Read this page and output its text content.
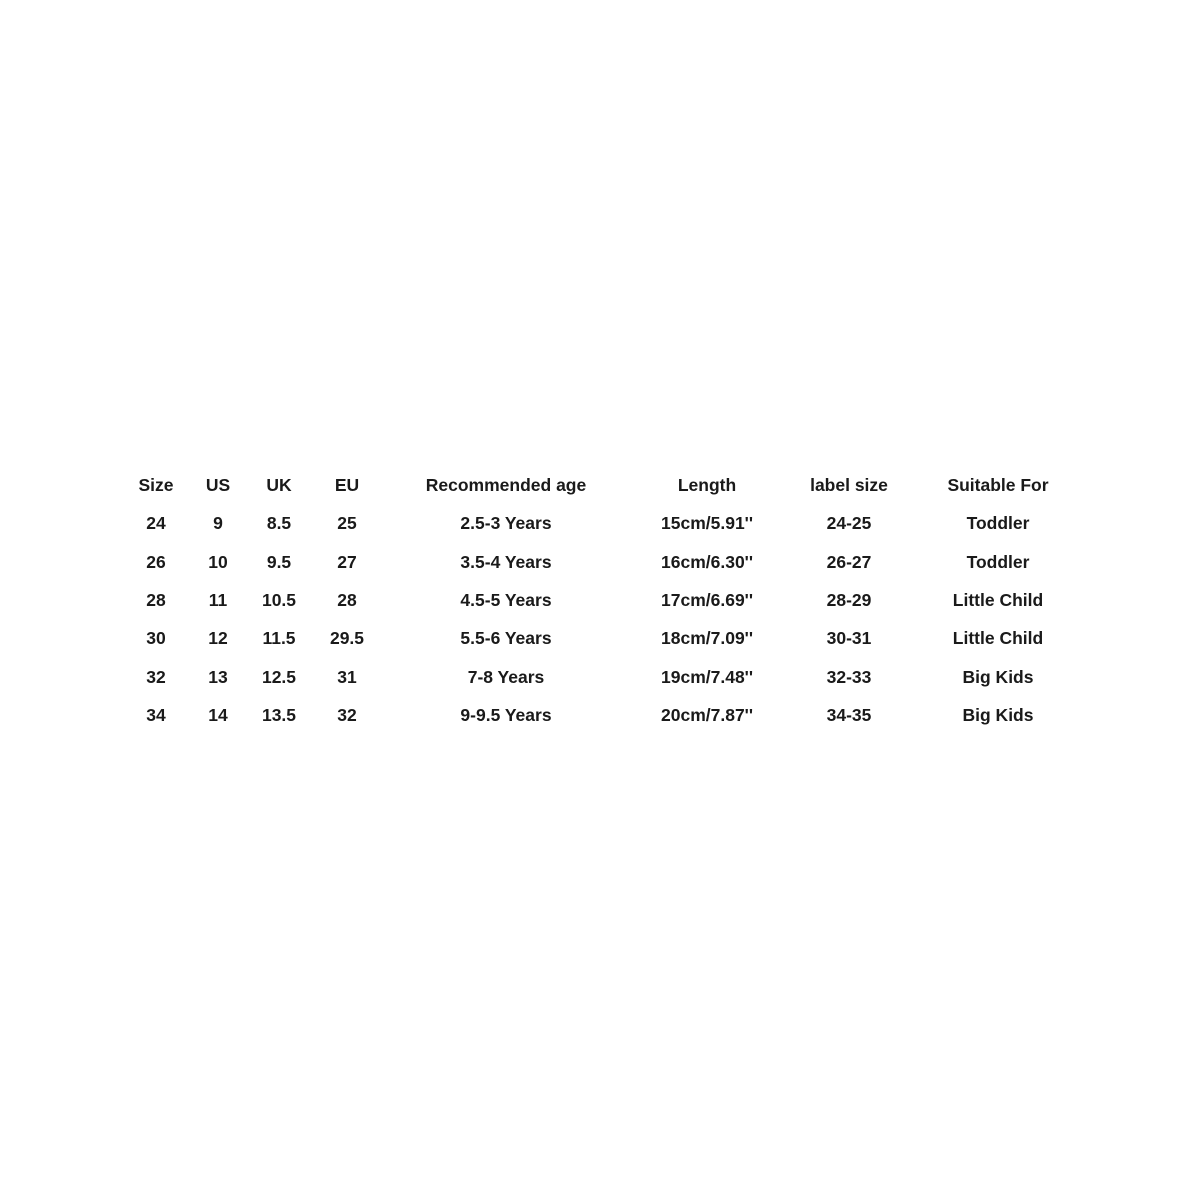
Size US UK EU	Recommended age	Length	label size	Suitable For
24	9	8.5	25	2.5-3 Years	15cm/5.91''	24-25	Toddler
26 10 9.5	27	3.5-4 Years	16cm/6.30''	26-27	Toddler
28 11 10.5 28	4.5-5 Years	17cm/6.69''	28-29	Little Child
30 12 11.5 29.5	5.5-6 Years	18cm/7.09''	30-31	Little Child
32 13 12.5 31	7-8 Years	19cm/7.48''	32-33	Big Kids
34 14 13.5 32	9-9.5 Years	20cm/7.87''	34-35	Big Kids
